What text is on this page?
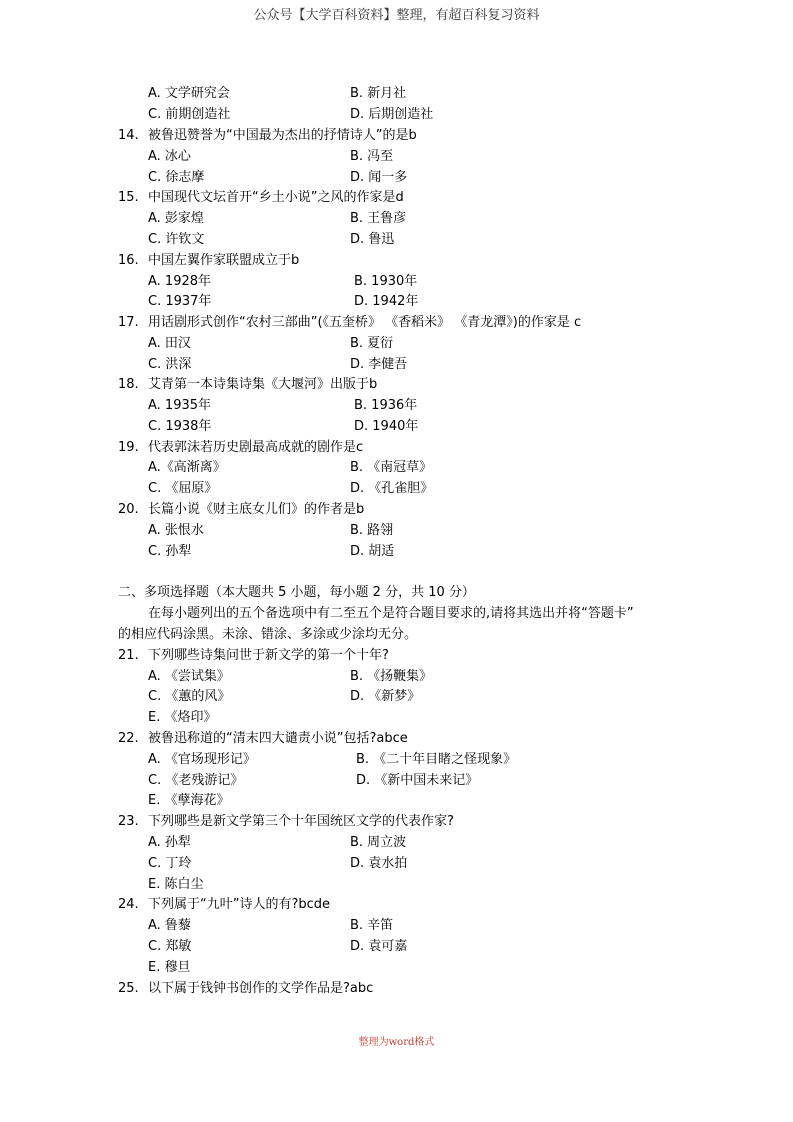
公众号【大学百科资料】整理，有超百科复习资料
A. 文学研究会	B. 新月社
C. 前期创造社	D. 后期创造社
14. 被鲁迅赞誉为“中国最为杰出的抒情诗人”的是b
A. 冰心	B. 冯至
C. 徐志摩	D. 闻一多
15. 中国现代文坛首开“乡土小说”之风的作家是d
A. 彭家煌	B. 王鲁彦
C. 许钦文	D. 鲁迅
16. 中国左翼作家联盟成立于b
A. 1928年	B. 1930年
C. 1937年	D. 1942年
17. 用话剧形式创作“农村三部曲”(《五奎桥》 《香稻米》 《青龙潭》)的作家是 c
A. 田汉	B. 夏衍
C. 洪深	D. 李健吾
18. 艾青第一本诗集诗集《大堰河》出版于b
A. 1935年	B. 1936年
C. 1938年	D. 1940年
19. 代表郭沫若历史剧最高成就的剧作是c
A.《高渐离》	B. 《南冠草》
C. 《屈原》	D. 《孔雀胆》
20. 长篇小说《财主底女儿们》的作者是b
A. 张恨水	B. 路翎
C. 孙犁	D. 胡适
二、多项选择题（本大题共 5 小题，每小题 2 分，共 10 分）
在每小题列出的五个备选项中有二至五个是符合题目要求的,请将其选出并将“答题卡”
的相应代码涂黑。未涂、错涂、多涂或少涂均无分。
21. 下列哪些诗集问世于新文学的第一个十年?
A. 《尝试集》	B. 《扬鞭集》
C. 《蕙的风》	D. 《新梦》
E. 《烙印》
22. 被鲁迅称道的“清末四大谴责小说”包括?abce
A. 《官场现形记》	B. 《二十年目睹之怪现象》
C. 《老残游记》	D. 《新中国未来记》
E. 《孽海花》
23. 下列哪些是新文学第三个十年国统区文学的代表作家?
A. 孙犁	B. 周立波
C. 丁玲	D. 袁水拍
E. 陈白尘
24. 下列属于“九叶”诗人的有?bcde
A. 鲁藜	B. 辛笛
C. 郑敏	D. 袁可嘉
E. 穆旦
25. 以下属于钱钟书创作的文学作品是?abc
整理为word格式
